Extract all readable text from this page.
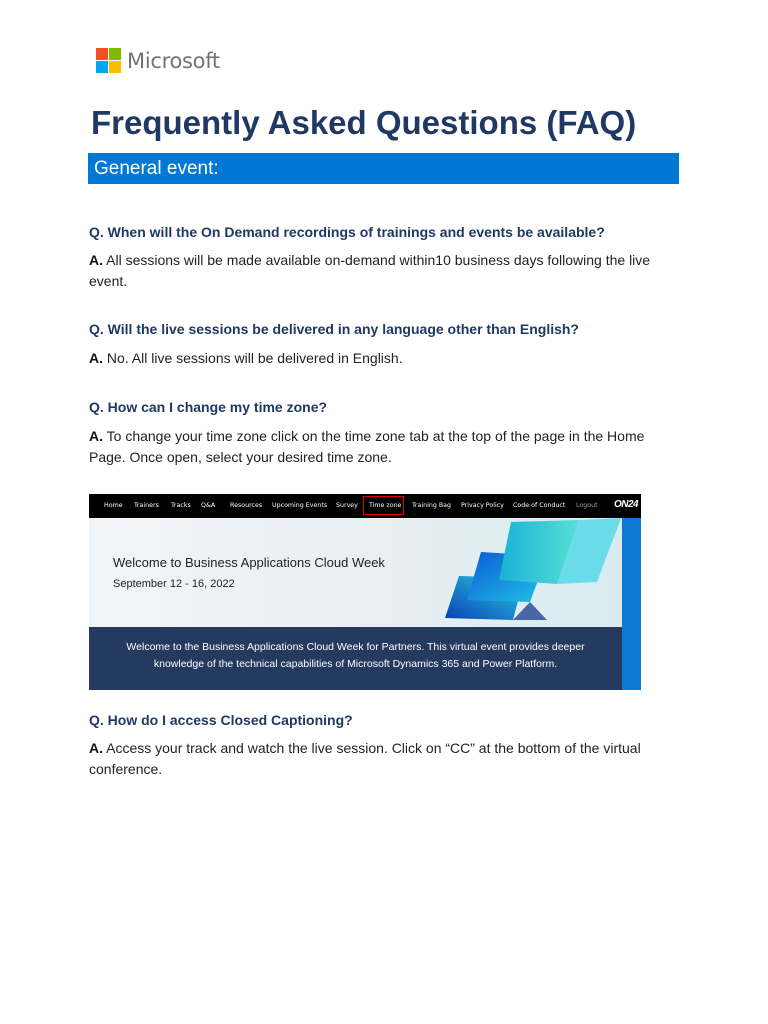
Microsoft
Frequently Asked Questions (FAQ)
General event:

Q. When will the On Demand recordings of trainings and events be available?

A. All sessions will be made available on-demand within10 business days following the live event.

Q. Will the live sessions be delivered in any language other than English?

A. No. All live sessions will be delivered in English.

Q. How can I change my time zone?

A. To change your time zone click on the time zone tab at the top of the page in the Home Page. Once open, select your desired time zone.

Home Trainers Tracks Q&A Resources Upcoming Events Survey Time zone Training Bag Privacy Policy Code of Conduct Logout ON24
Welcome to Business Applications Cloud Week
September 12 - 16, 2022
Welcome to the Business Applications Cloud Week for Partners. This virtual event provides deeper
knowledge of the technical capabilities of Microsoft Dynamics 365 and Power Platform.

Q. How do I access Closed Captioning?

A. Access your track and watch the live session. Click on “CC” at the bottom of the virtual conference.
